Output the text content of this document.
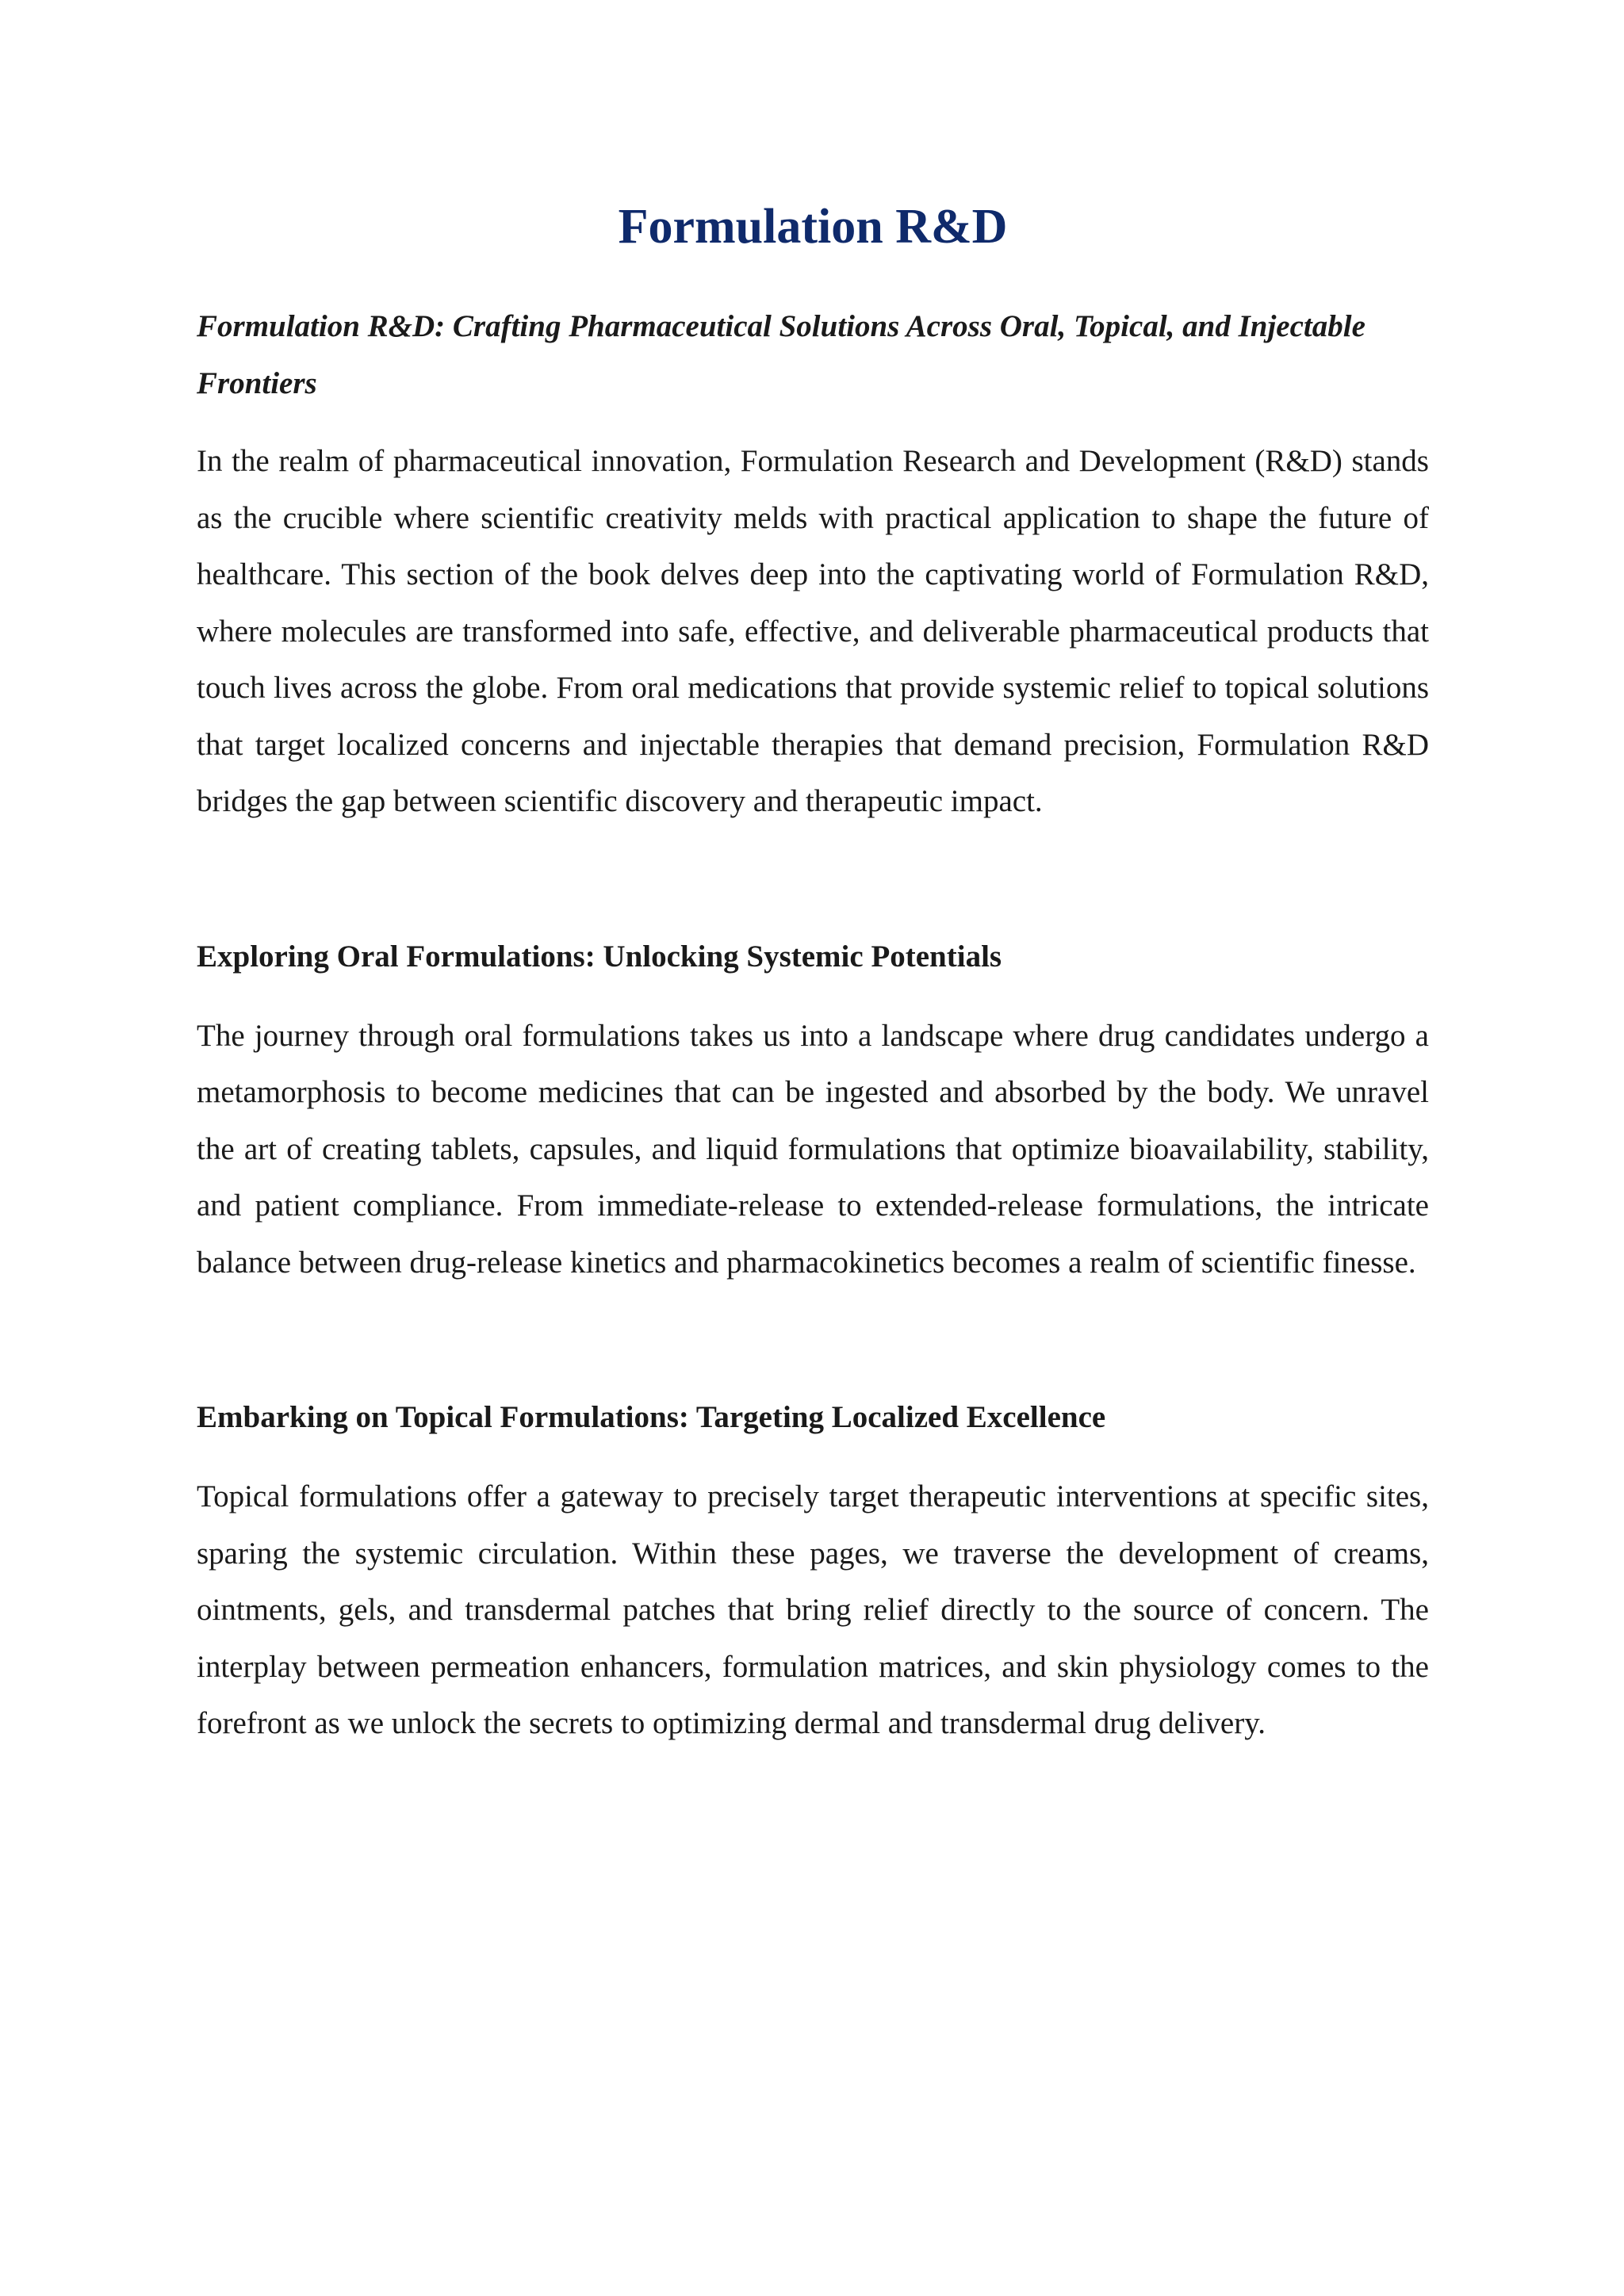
Formulation R&D

Formulation R&D: Crafting Pharmaceutical Solutions Across Oral, Topical, and Injectable Frontiers

In the realm of pharmaceutical innovation, Formulation Research and Development (R&D) stands as the crucible where scientific creativity melds with practical application to shape the future of healthcare. This section of the book delves deep into the captivating world of Formulation R&D, where molecules are transformed into safe, effective, and deliverable pharmaceutical products that touch lives across the globe. From oral medications that provide systemic relief to topical solutions that target localized concerns and injectable therapies that demand precision, Formulation R&D bridges the gap between scientific discovery and therapeutic impact.

Exploring Oral Formulations: Unlocking Systemic Potentials

The journey through oral formulations takes us into a landscape where drug candidates undergo a metamorphosis to become medicines that can be ingested and absorbed by the body. We unravel the art of creating tablets, capsules, and liquid formulations that optimize bioavailability, stability, and patient compliance. From immediate-release to extended-release formulations, the intricate balance between drug-release kinetics and pharmacokinetics becomes a realm of scientific finesse.

Embarking on Topical Formulations: Targeting Localized Excellence

Topical formulations offer a gateway to precisely target therapeutic interventions at specific sites, sparing the systemic circulation. Within these pages, we traverse the development of creams, ointments, gels, and transdermal patches that bring relief directly to the source of concern. The interplay between permeation enhancers, formulation matrices, and skin physiology comes to the forefront as we unlock the secrets to optimizing dermal and transdermal drug delivery.
